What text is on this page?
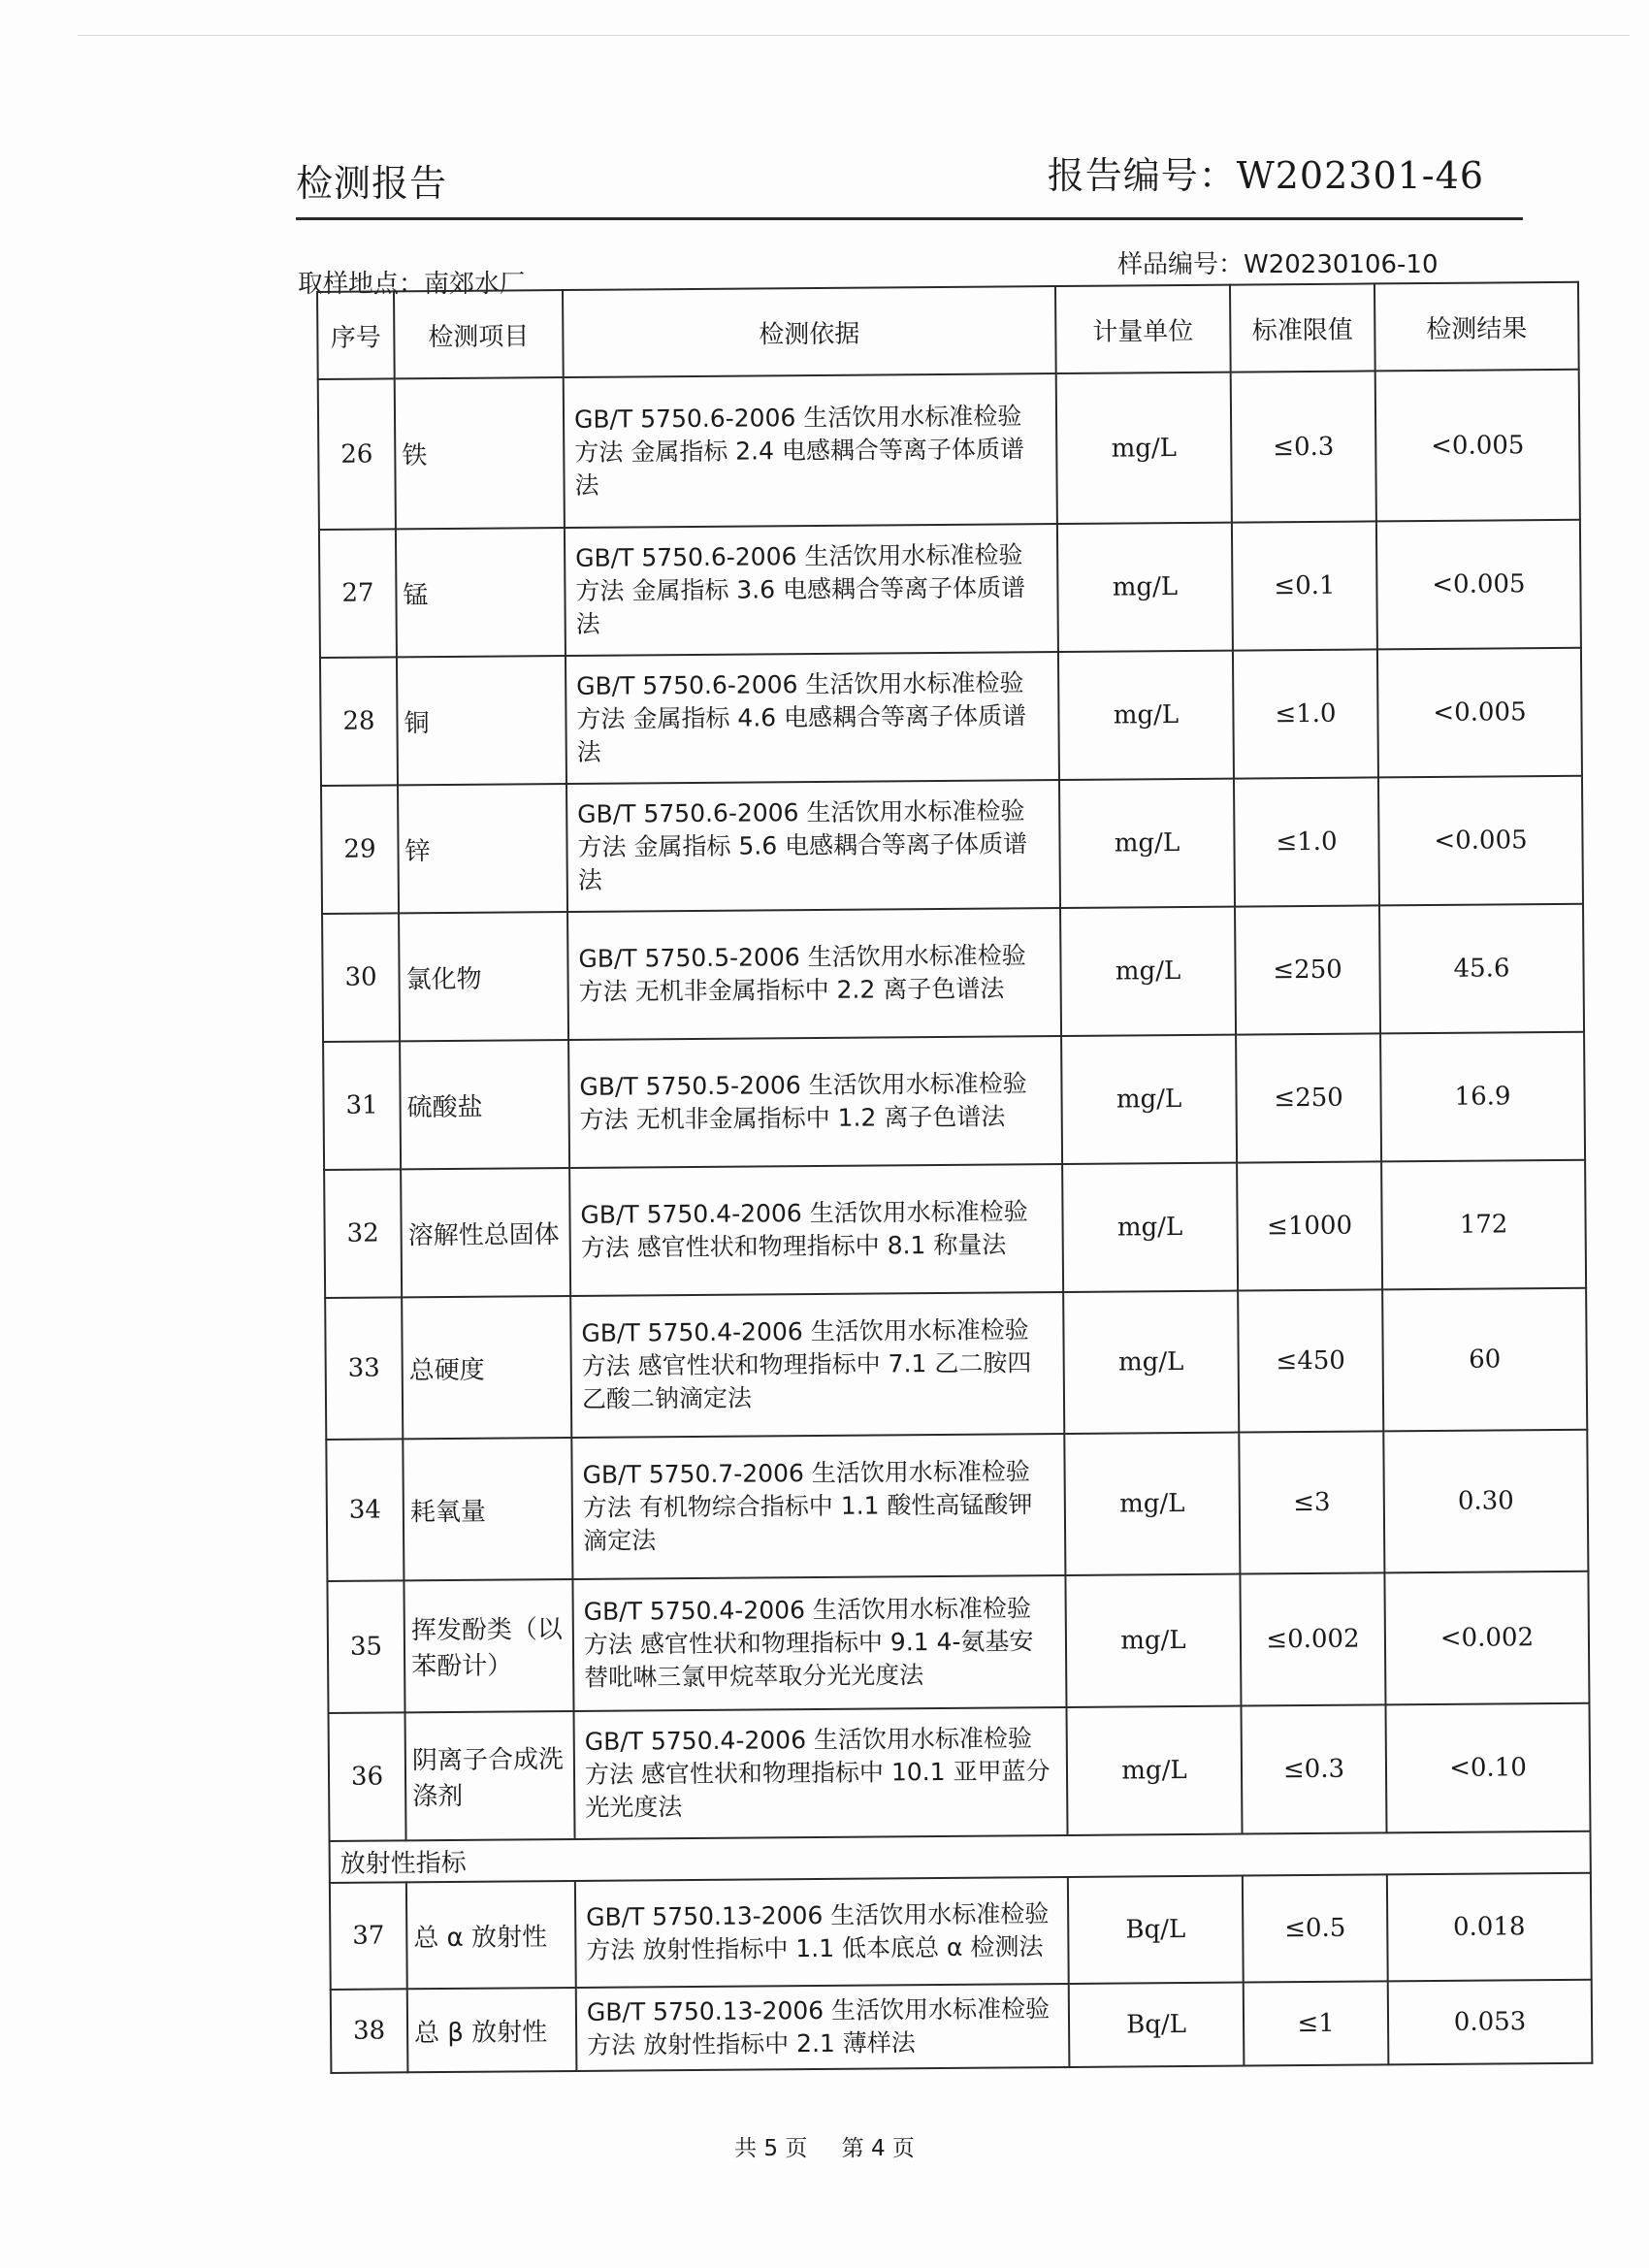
检测报告	报告编号：W202301-46
取样地点：南郊水厂
样品编号：W20230106-10
序号	检测项目	检测依据	计量单位	标准限值	检测结果
26	铁	GB/T 5750.6-2006 生活饮用水标准检验方法 金属指标 2.4 电感耦合等离子体质谱法	mg/L	≤0.3	<0.005
27	锰	GB/T 5750.6-2006 生活饮用水标准检验方法 金属指标 3.6 电感耦合等离子体质谱法	mg/L	≤0.1	<0.005
28	铜	GB/T 5750.6-2006 生活饮用水标准检验方法 金属指标 4.6 电感耦合等离子体质谱法	mg/L	≤1.0	<0.005
29	锌	GB/T 5750.6-2006 生活饮用水标准检验方法 金属指标 5.6 电感耦合等离子体质谱法	mg/L	≤1.0	<0.005
30	氯化物	GB/T 5750.5-2006 生活饮用水标准检验方法 无机非金属指标中 2.2 离子色谱法	mg/L	≤250	45.6
31	硫酸盐	GB/T 5750.5-2006 生活饮用水标准检验方法 无机非金属指标中 1.2 离子色谱法	mg/L	≤250	16.9
32	溶解性总固体	GB/T 5750.4-2006 生活饮用水标准检验方法 感官性状和物理指标中 8.1 称量法	mg/L	≤1000	172
33	总硬度	GB/T 5750.4-2006 生活饮用水标准检验方法 感官性状和物理指标中 7.1 乙二胺四乙酸二钠滴定法	mg/L	≤450	60
34	耗氧量	GB/T 5750.7-2006 生活饮用水标准检验方法 有机物综合指标中 1.1 酸性高锰酸钾滴定法	mg/L	≤3	0.30
35	挥发酚类（以苯酚计）	GB/T 5750.4-2006 生活饮用水标准检验方法 感官性状和物理指标中 9.1 4-氨基安替吡啉三氯甲烷萃取分光光度法	mg/L	≤0.002	<0.002
36	阴离子合成洗涤剂	GB/T 5750.4-2006 生活饮用水标准检验方法 感官性状和物理指标中 10.1 亚甲蓝分光光度法	mg/L	≤0.3	<0.10
放射性指标					
37	总 α 放射性	GB/T 5750.13-2006 生活饮用水标准检验方法 放射性指标中 1.1 低本底总 α 检测法	Bq/L	≤0.5	0.018
38	总 β 放射性	GB/T 5750.13-2006 生活饮用水标准检验方法 放射性指标中 2.1 薄样法	Bq/L	≤1	0.053
共 5 页 第 4 页
